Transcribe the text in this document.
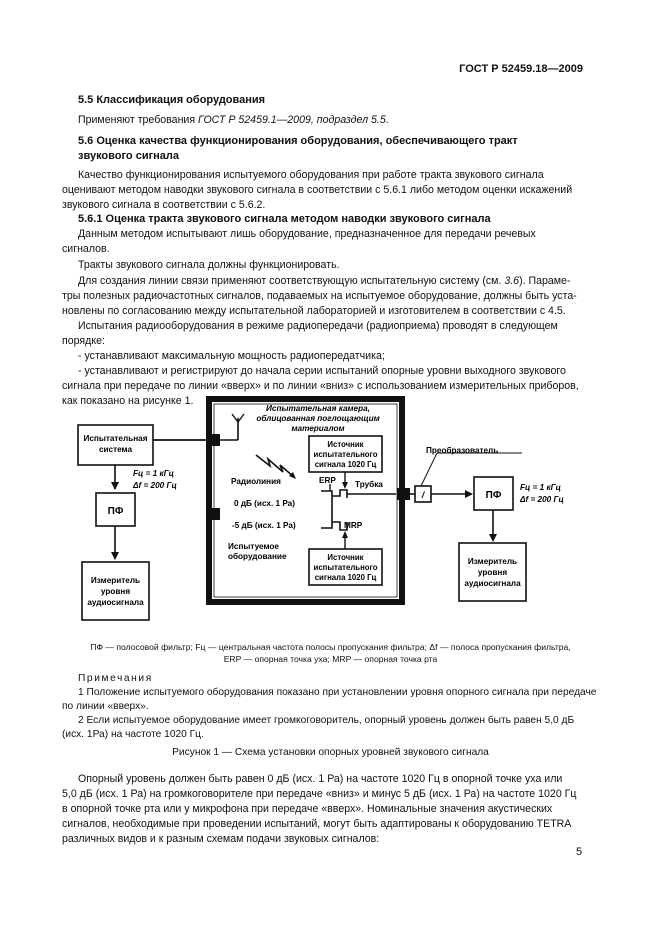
ГОСТ Р 52459.18—2009
5.5 Классификация оборудования
Применяют требования ГОСТ Р 52459.1—2009, подраздел 5.5.
5.6 Оценка качества функционирования оборудования, обеспечивающего тракт
звукового сигнала
Качество функционирования испытуемого оборудования при работе тракта звукового сигнала
оценивают методом наводки звукового сигнала в соответствии с 5.6.1 либо методом оценки искажений
звукового сигнала в соответствии с 5.6.2.
5.6.1 Оценка тракта звукового сигнала методом наводки звукового сигнала
Данным методом испытывают лишь оборудование, предназначенное для передачи речевых
сигналов.
Тракты звукового сигнала должны функционировать.
Для создания линии связи применяют соответствующую испытательную систему (см. 3.6). Параме-
тры полезных радиочастотных сигналов, подаваемых на испытуемое оборудование, должны быть уста-
новлены по согласованию между испытательной лабораторией и изготовителем в соответствии с 4.5.
Испытания радиооборудования в режиме радиопередачи (радиоприема) проводят в следующем
порядке:
- устанавливают максимальную мощность радиопередатчика;
- устанавливают и регистрируют до начала серии испытаний опорные уровни выходного звукового
сигнала при передаче по линии «вверх» и по линии «вниз» с использованием измерительных приборов,
как показано на рисунке 1.
Испытательная камера,
облицованная поглощающим
материалом
Испытательная
система
Fц = 1 кГц
Δf = 200 Гц
ПФ
Измеритель
уровня
аудиосигнала
Источник
испытательного
сигнала 1020 Гц
Радиолиния
0 дБ (исх. 1 Ра)
-5 дБ (исх. 1 Ра)
ERP Трубка
MRP
Источник
испытательного
сигнала 1020 Гц
Испытуемое
оборудование
Преобразователь
/	ПФ
Fц = 1 кГц
Δf = 200 Гц
Измеритель
уровня
аудиосигнала
ПФ — полосовой фильтр; Fц — центральная частота полосы пропускания фильтра; Δf — полоса пропускания фильтра,
ERP — опорная точка уха; MRP — опорная точка рта
Примечания
1 Положение испытуемого оборудования показано при установлении уровня опорного сигнала при передаче
по линии «вверх».
2 Если испытуемое оборудование имеет громкоговоритель, опорный уровень должен быть равен 5,0 дБ
(исх. 1Ра) на частоте 1020 Гц.
Рисунок 1 — Схема установки опорных уровней звукового сигнала
Опорный уровень должен быть равен 0 дБ (исх. 1 Ра) на частоте 1020 Гц в опорной точке уха или
5,0 дБ (исх. 1 Ра) на громкоговорителе при передаче «вниз» и минус 5 дБ (исх. 1 Ра) на частоте 1020 Гц
в опорной точке рта или у микрофона при передаче «вверх». Номинальные значения акустических
сигналов, необходимые при проведении испытаний, могут быть адаптированы к оборудованию TETRA
различных видов и к разным схемам подачи звуковых сигналов:
5
